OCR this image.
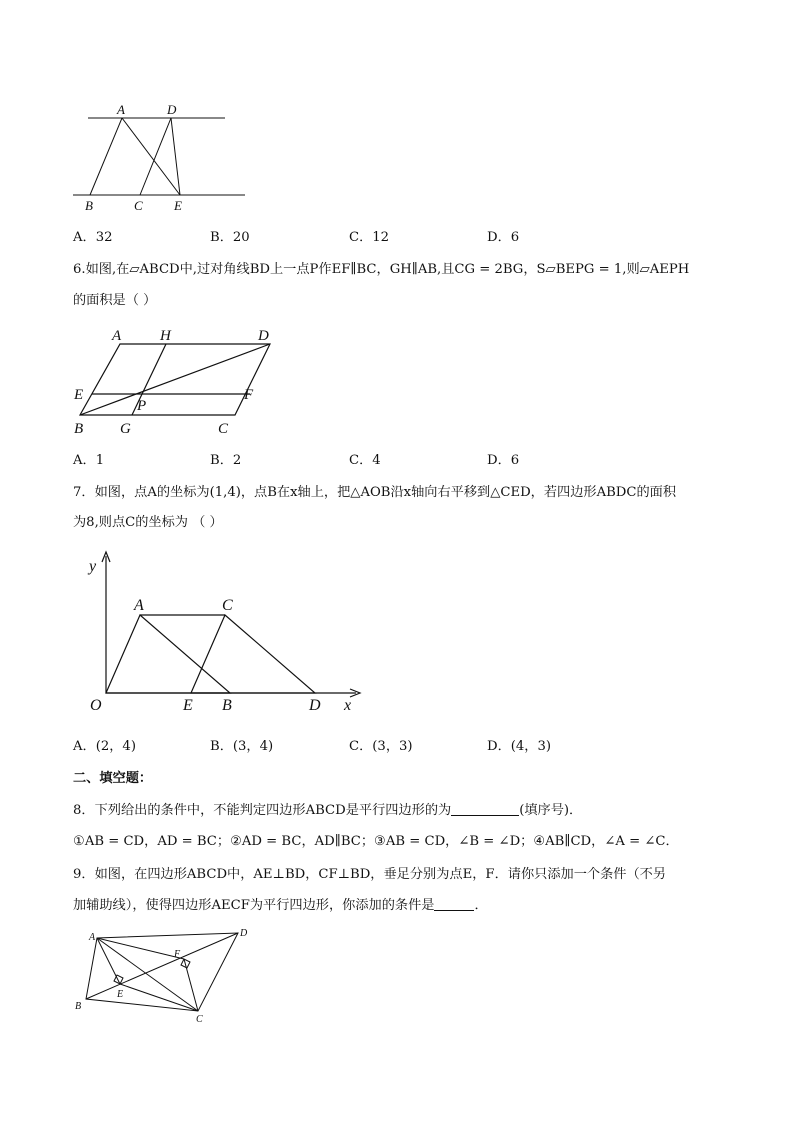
A	D
B	C E
A．32	B．20	C．12	D．6
6.如图,在▱ABCD中,过对角线BD上一点P作EF∥BC，GH∥AB,且CG = 2BG，S▱BEPG = 1,则▱AEPH
的面积是（ ）
A	H	D
E	F
P
B G	C
A．1	B．2	C．4	D．6
7．如图，点A的坐标为(1,4)，点B在x轴上，把△AOB沿x轴向右平移到△CED，若四边形ABDC的面积
为8,则点C的坐标为 （ ）
y
A	C
O	E B	D x
A．(2，4)	B．(3，4)	C．(3，3)	D．(4，3)
二、填空题：
8．下列给出的条件中，不能判定四边形ABCD是平行四边形的为	(填序号)．
①AB = CD，AD = BC；②AD = BC，AD∥BC；③AB = CD，∠B = ∠D；④AB∥CD，∠A = ∠C．
9．如图，在四边形ABCD中，AE⊥BD，CF⊥BD，垂足分别为点E，F．请你只添加一个条件（不另
加辅助线），使得四边形AECF为平行四边形，你添加的条件是	．
A	D
F
E
B
C
